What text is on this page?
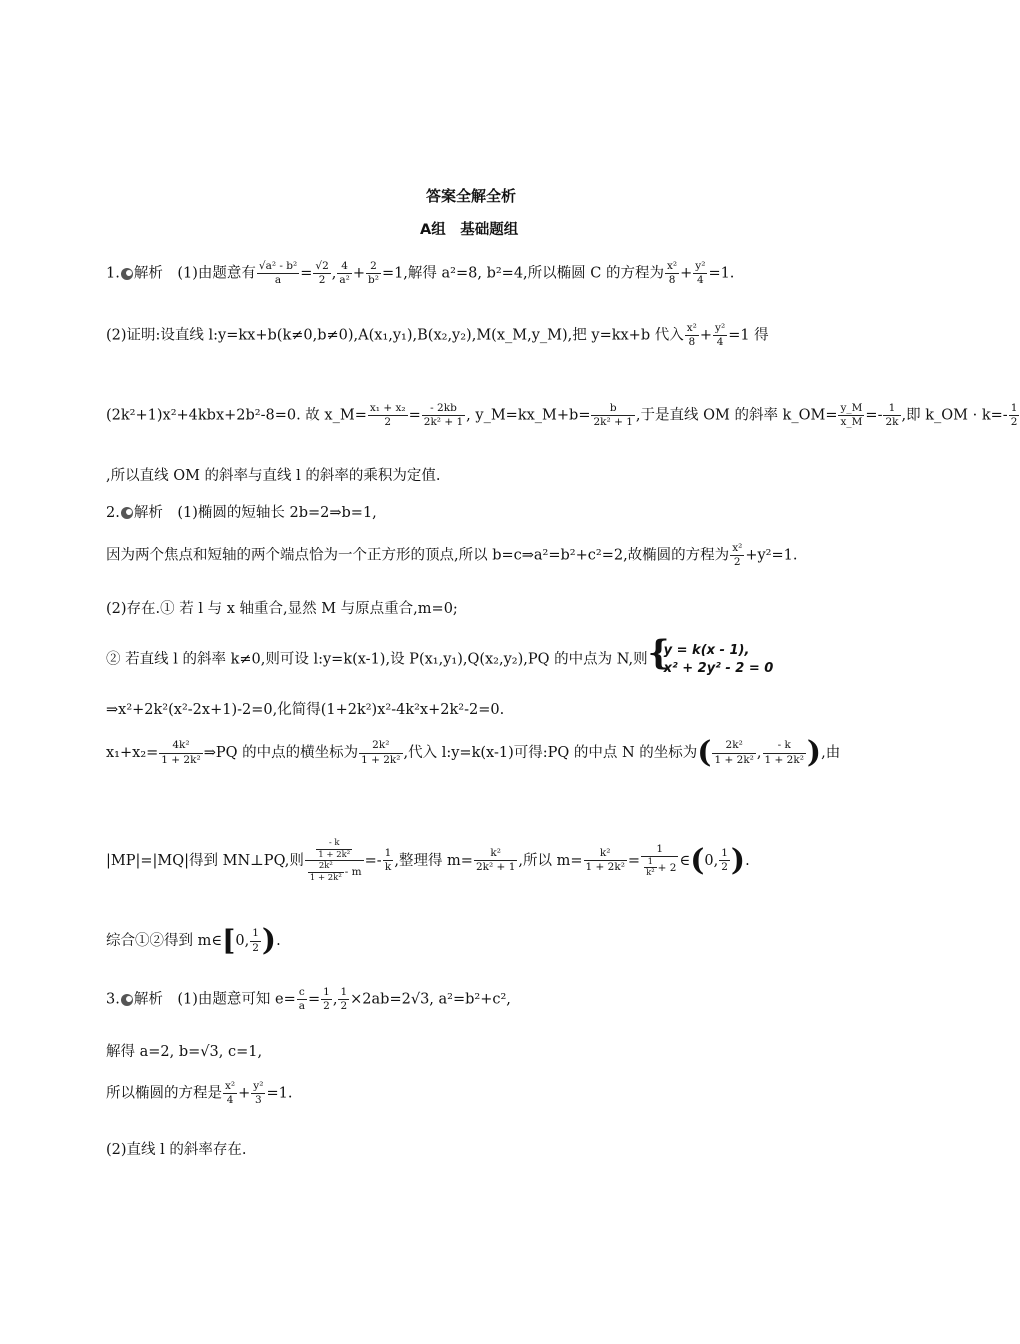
答案全解全析
A组　基础题组
1. 解析　(1)由题意有 $\frac{\text{√a² - b²}}{a} = \frac{√2}{2}$ , $\frac{4}{\text{a²}} + \frac{2}{\text{b²}} =1$,解得 a²=8, b²=4,所以椭圆 C 的方程为 $\frac{\text{x²}}{8} + \frac{\text{y²}}{4} =1$.
(2)证明:设直线 l:y=kx+b(k≠0,b≠0),A(x₁,y₁),B(x₂,y₂),M(x_M,y_M),把 y=kx+b 代入 $\frac{\text{x²}}{8} + \frac{\text{y²}}{4} =1$ 得
(2k²+1)x²+4kbx+2b²-8=0. 故 x_M= $\frac{\text{x₁ + x₂}}{2} = \frac{- 2kb}{\text{2k² + 1}}$ , y_M=kx_M+b= $\frac{b}{\text{2k² + 1}}$ ,于是直线 OM 的斜率 k_OM= $\frac{y\_M}{x\_M} =- \frac{1}{2k}$ ,即 k_OM · $k=- \frac{1}{2}$
,所以直线 OM 的斜率与直线 l 的斜率的乘积为定值.
2. 解析　(1)椭圆的短轴长 2b=2⇒b=1,
因为两个焦点和短轴的两个端点恰为一个正方形的顶点,所以 b=c⇒a²=b²+c²=2,故椭圆的方程为 $\frac{\text{x²}}{2} +y^2=1$.
(2)存在.① 若 l 与 x 轴重合,显然 M 与原点重合,m=0;
② 若直线 l 的斜率 k≠0,则可设 l:y=k(x-1),设 P(x₁,y₁),Q(x₂,y₂),PQ 的中点为 N,则 {
y = k(x - 1),
x² + 2y² - 2 = 0
⇒x²+2k²(x²-2x+1)-2=0,化简得(1+2k²)x²-4k²x+2k²-2=0.
$x_1+x_2= \frac{\text{4k²}}{\text{1 + 2k²}}$ ⇒PQ 的中点的横坐标为 $\frac{\text{2k²}}{\text{1 + 2k²}}$ ,代入 l:y=k(x-1)可得:PQ 的中点 N 的坐标为( $\frac{\text{2k²}}{\text{1 + 2k²}}$ , $\frac{- k}{\text{1 + 2k²}}$ ),由
|MP|=|MQ|得到 MN⊥PQ,则 $\frac{\frac{- k}{\text{1 + 2k²}}}{\frac{\text{2k²}}{\text{1 + 2k²}} - m} =- \frac{1}{k}$ ,整理得 $m= \frac{\text{k²}}{\text{2k² + 1}}$ ,所以 $m= \frac{\text{k²}}{\text{1 + 2k²}} = \frac{1}{\frac{1}{\text{k²}} + 2}$ ∈(0, $\frac{1}{2}$ ).
综合①②得到 m∈[0, $\frac{1}{2}$ ).
3. 解析　(1)由题意可知 $e= \frac{c}{a} = \frac{1}{2}$ , $\frac{1}{2} \times 2ab=2√3$, a²=b²+c²,
解得 a=2, b=√3, c=1,
所以椭圆的方程是 $\frac{\text{x²}}{4} + \frac{\text{y²}}{3} =1$.
(2)直线 l 的斜率存在.
